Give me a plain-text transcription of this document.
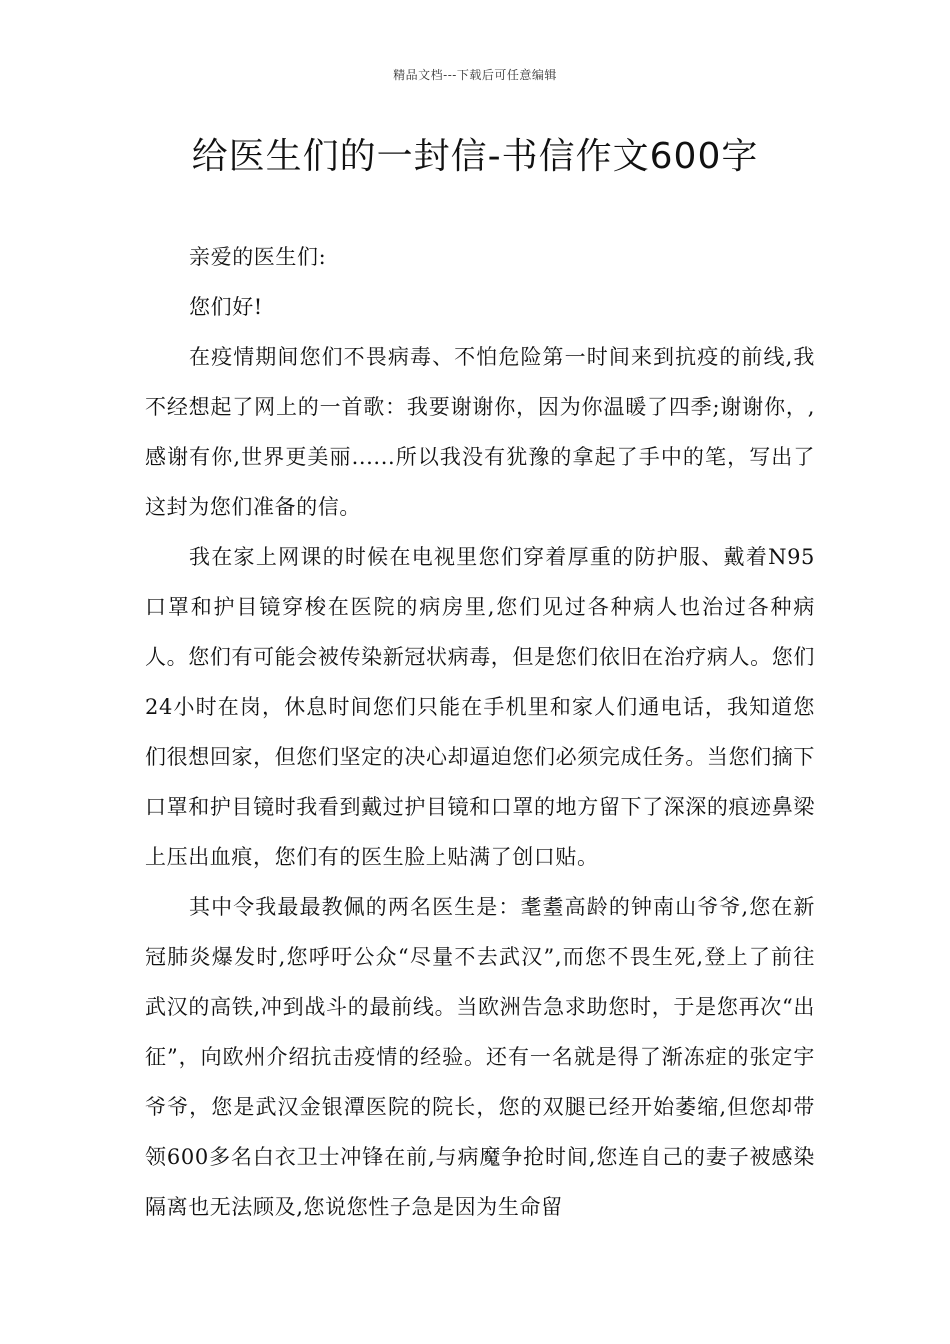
精品文档---下载后可任意编辑
给医生们的一封信-书信作文600字

亲爱的医生们:

您们好!

在疫情期间您们不畏病毒、不怕危险第一时间来到抗疫的前线,我不经想起了网上的一首歌：我要谢谢你，因为你温暖了四季;谢谢你，,感谢有你,世界更美丽......所以我没有犹豫的拿起了手中的笔，写出了这封为您们准备的信。

我在家上网课的时候在电视里您们穿着厚重的防护服、戴着N95口罩和护目镜穿梭在医院的病房里,您们见过各种病人也治过各种病人。您们有可能会被传染新冠状病毒，但是您们依旧在治疗病人。您们24小时在岗，休息时间您们只能在手机里和家人们通电话，我知道您们很想回家，但您们坚定的决心却逼迫您们必须完成任务。当您们摘下口罩和护目镜时我看到戴过护目镜和口罩的地方留下了深深的痕迹鼻梁上压出血痕，您们有的医生脸上贴满了创口贴。

其中令我最最教佩的两名医生是：耄耋高龄的钟南山爷爷,您在新冠肺炎爆发时,您呼吁公众“尽量不去武汉”,而您不畏生死,登上了前往武汉的高铁,冲到战斗的最前线。当欧洲告急求助您时，于是您再次“出征”，向欧州介绍抗击疫情的经验。还有一名就是得了渐冻症的张定宇爷爷，您是武汉金银潭医院的院长，您的双腿已经开始萎缩,但您却带领600多名白衣卫士冲锋在前,与病魔争抢时间,您连自己的妻子被感染隔离也无法顾及,您说您性子急是因为生命留
